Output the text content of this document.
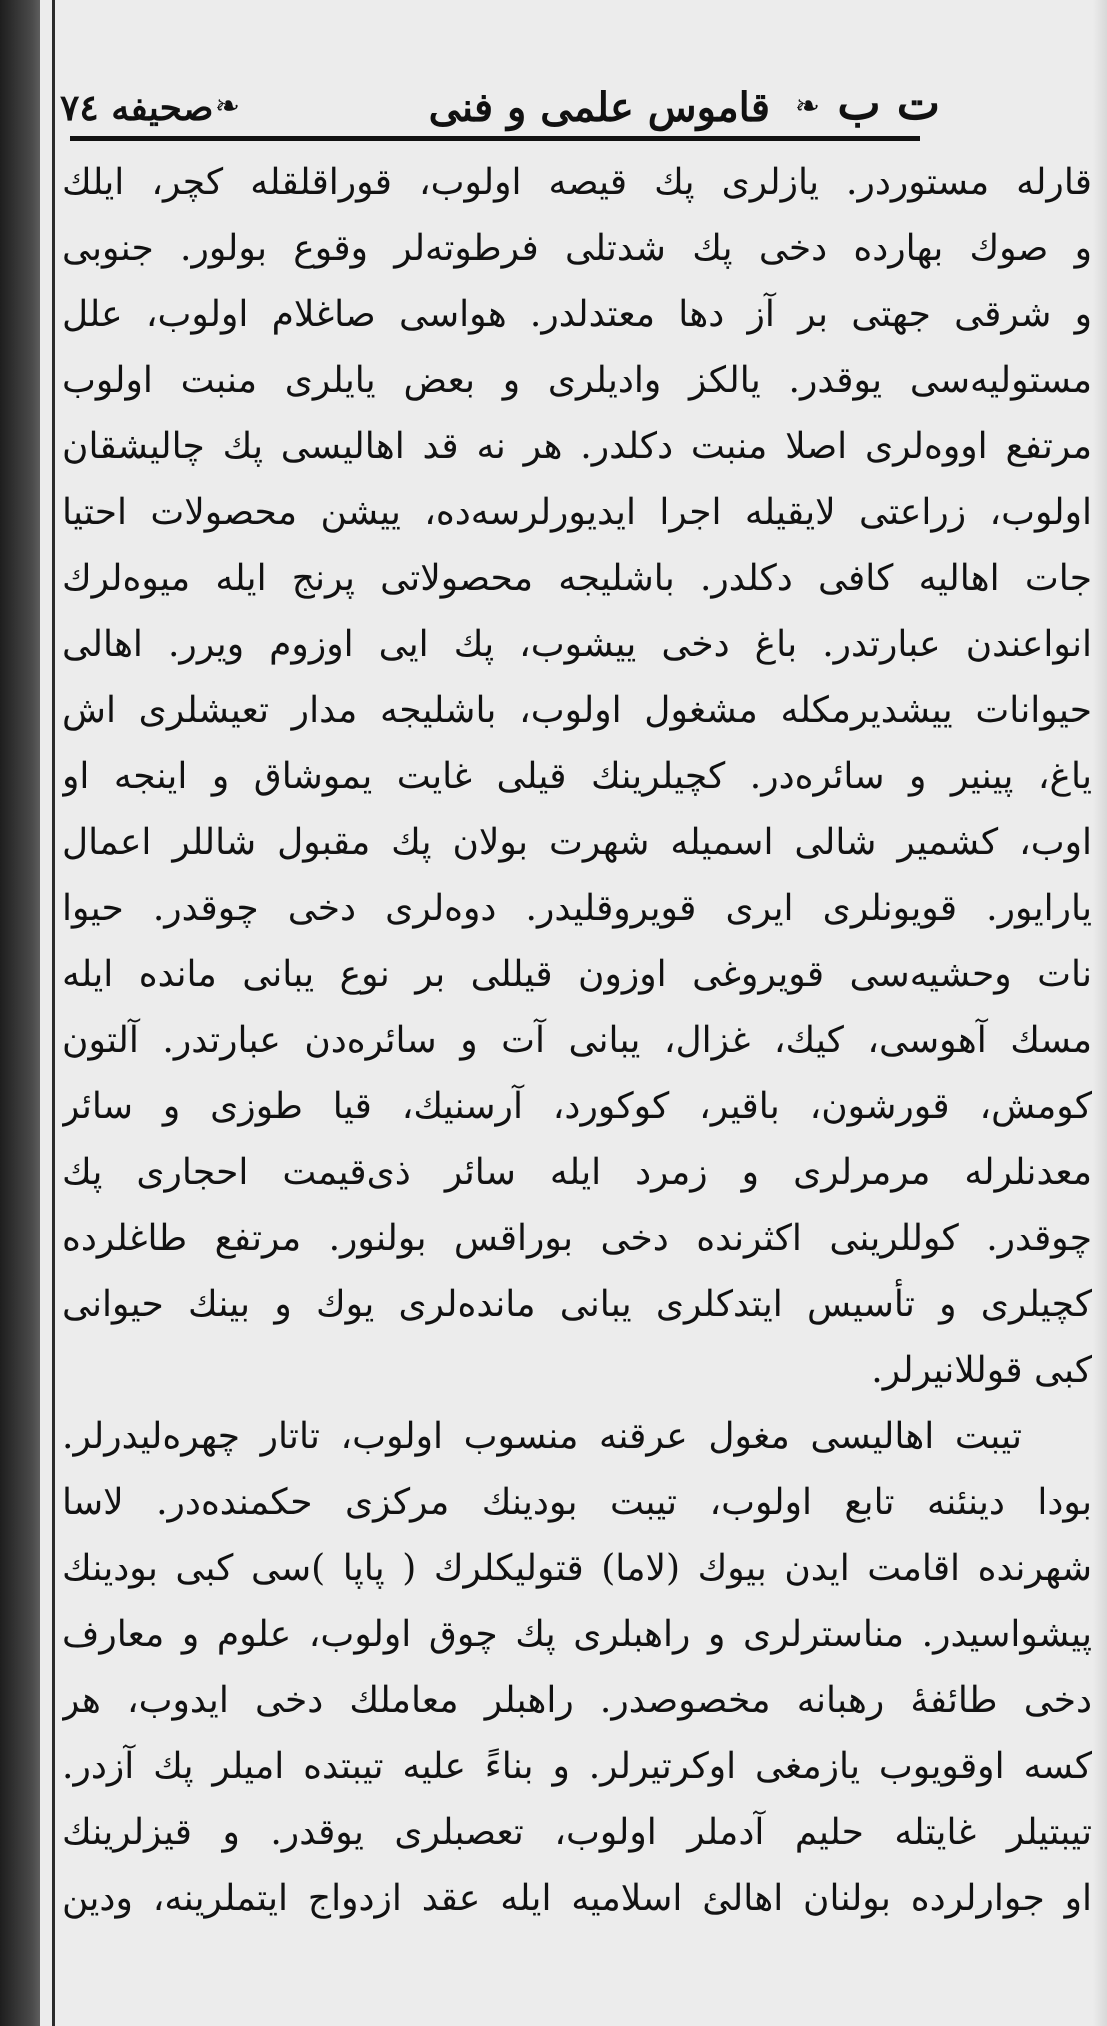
ت ب
❧
قاموس علمى و فنى
❧
صحيفه ٧٤
قارله مستوردر. يازلرى پك قيصه اولوب، قوراقلقله كچر، ايلك
و صوك بهارده دخى پك شدتلى فرطوته‌لر وقوع بولور. جنوبى
و شرقى جهتى بر آز دها معتدلدر. هواسى صاغلام اولوب، علل
مستوليه‌سى يوقدر. يالكز واديلرى و بعض يايلرى منبت اولوب
مرتفع اووه‌لرى اصلا منبت دكلدر. هر نه قد اهاليسى پك چاليشقان
اولوب، زراعتى لايقيله اجرا ايديورلرسه‌ده، ييشن محصولات احتيا
جات اهاليه كافى دكلدر. باشليجه محصولاتى پرنج ايله ميوه‌لرك
انواعندن عبارتدر. باغ دخى ييشوب، پك ايى اوزوم ويرر. اهالى
حيوانات ييشديرمكله مشغول اولوب، باشليجه مدار تعيشلرى اش
ياغ، پينير و سائره‌در. كچيلرينك قيلى غايت يموشاق و اينجه او
اوب، كشمير شالى اسميله شهرت بولان پك مقبول شاللر اعمال
يارايور. قويونلرى ايرى قويروقليدر. دوه‌لرى دخى چوقدر. حيوا
نات وحشيه‌سى قويروغى اوزون قيللى بر نوع يبانى مانده ايله
مسك آهوسى، كيك، غزال، يبانى آت و سائره‌دن عبارتدر. آلتون
كومش، قورشون، باقير، كوكورد، آرسنيك، قيا طوزى و سائر
معدنلرله مرمرلرى و زمرد ايله سائر ذى‌قيمت احجارى پك
چوقدر. كوللرينى اكثرنده دخى بوراقس بولنور. مرتفع طاغلرده
كچيلرى و تأسيس ايتدكلرى يبانى مانده‌لرى يوك و بينك حيوانى
كبى قوللانيرلر.
تيبت اهاليسى مغول عرقنه منسوب اولوب، تاتار چهره‌ليدرلر.
بودا دينئنه تابع اولوب، تيبت بودينك مركزى حكمنده‌در. لاسا
شهرنده اقامت ايدن بيوك (لاما) قتوليكلرك ( پاپا )سى كبى بودينك
پيشواسيدر. مناسترلرى و راهبلرى پك چوق اولوب، علوم و معارف
دخى طائفهٔ رهبانه مخصوصدر. راهبلر معاملك دخى ايدوب، هر
كسه اوقويوب يازمغى اوكرتيرلر. و بناءً عليه تيبتده اميلر پك آزدر.
تيبتيلر غايتله حليم آدملر اولوب، تعصبلرى يوقدر. و قيزلرينك
او جوارلرده بولنان اهالئ اسلاميه ايله عقد ازدواج ايتملرينه، ودين
